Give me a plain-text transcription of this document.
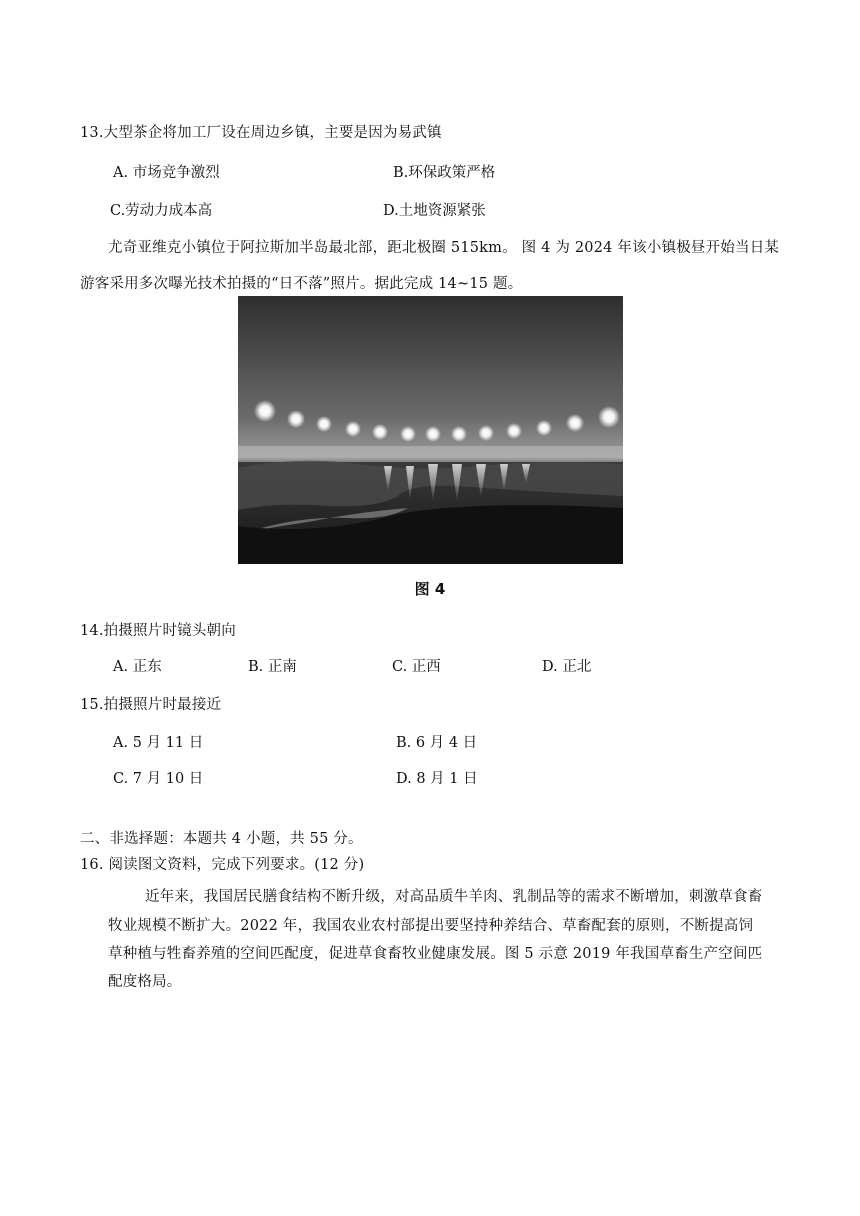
13.大型茶企将加工厂设在周边乡镇，主要是因为易武镇
A. 市场竞争激烈	B.环保政策严格
C.劳动力成本高	D.土地资源紧张
尤奇亚维克小镇位于阿拉斯加半岛最北部，距北极圈 515km。 图 4 为 2024 年该小镇极昼开始当日某
游客采用多次曝光技术拍摄的“日不落”照片。据此完成 14~15 题。
图 4
14.拍摄照片时镜头朝向
A. 正东	B. 正南	C. 正西	D. 正北
15.拍摄照片时最接近
A. 5 月 11 日	B. 6 月 4 日
C. 7 月 10 日	D. 8 月 1 日
二、非选择题：本题共 4 小题，共 55 分。
16. 阅读图文资料，完成下列要求。(12 分)
近年来，我国居民膳食结构不断升级，对高品质牛羊肉、乳制品等的需求不断增加，刺激草食畜
牧业规模不断扩大。2022 年，我国农业农村部提出要坚持种养结合、草畜配套的原则，不断提高饲
草种植与牲畜养殖的空间匹配度，促进草食畜牧业健康发展。图 5 示意 2019 年我国草畜生产空间匹
配度格局。
